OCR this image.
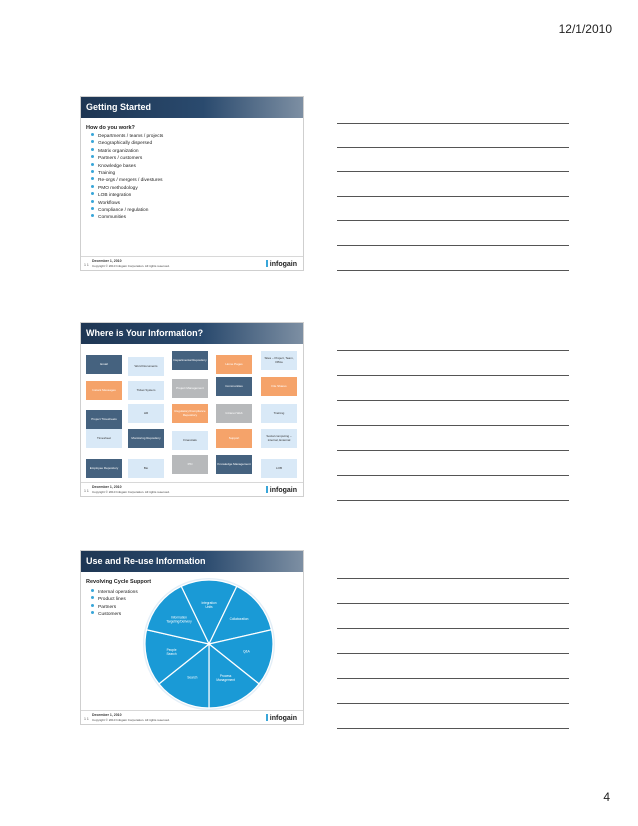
12/1/2010
Getting Started
How do you work?
Departments / teams / projects
Geographically dispersed
Matrix organization
Partners / customers
Knowledge bases
Training
Re-orgs / mergers / divestures
PMO methodology
LOB integration
Workflows
Compliance / regulation
Communities
1 1
December 1, 2010
Copyright © 2010 Infogain Corporation. All rights reserved.	infogain
Where is Your Information?
Email	Word Documents
Departmental Repository
Home Pages
Sites – Project, Team, Office
Instant Messages	Ticket System	Project Management	Communities	File Shares
Project Timesheets
HR	Regulatory/Compliance Repository	Intranet Web	Training
Timesheet	Monitoring Repository	Financials	Support	Social computing – internal, External
Employee Repository	Bio
PKI	Knowledge Management
LOB
1 1
December 1, 2010
Copyright © 2010 Infogain Corporation. All rights reserved.	infogain
Use and Re-use Information
Revolving Cycle Support
Internal operations
Product lines
Partners
Customers
Integration Units
Collaboration
Q&A
Process Management
Search
People Search
Information Targeting/Delivery
1 1
December 1, 2010
Copyright © 2010 Infogain Corporation. All rights reserved.	infogain
4
